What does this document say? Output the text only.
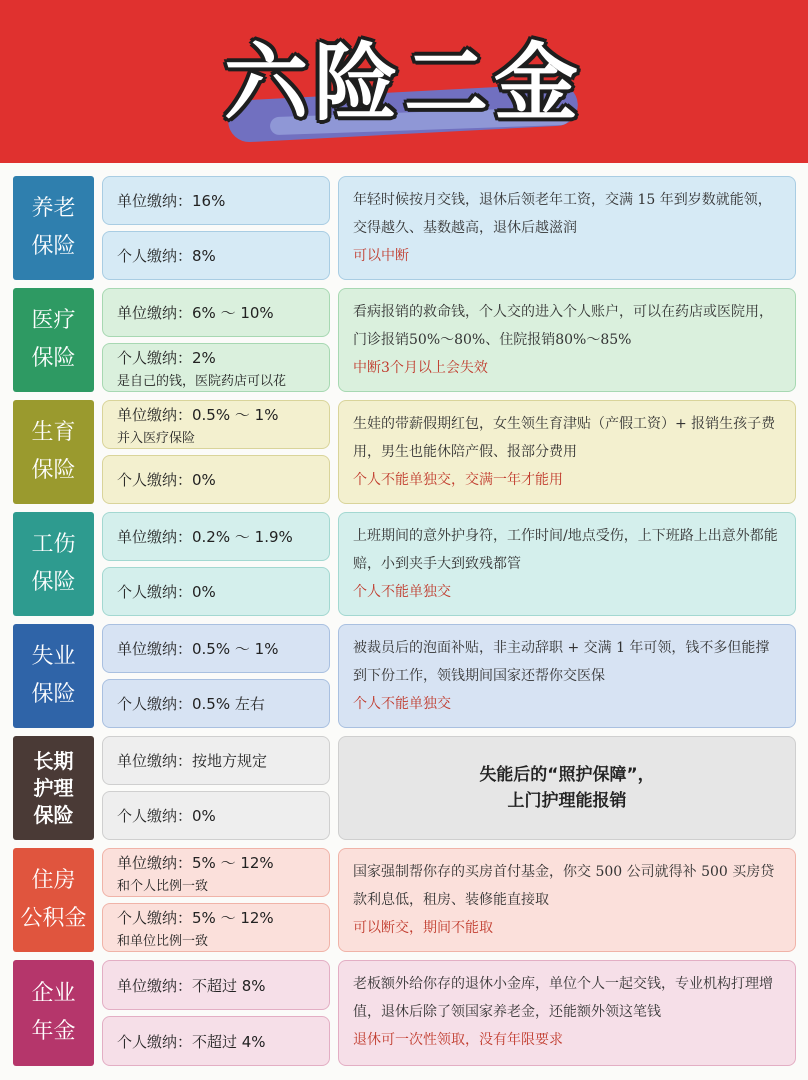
六险二金
养老
保险
单位缴纳：16%
个人缴纳：8%
年轻时候按月交钱，退休后领老年工资，交满 15 年到岁数就能领，交得越久、基数越高，退休后越滋润
可以中断
医疗
保险
单位缴纳：6% ～ 10%
个人缴纳：2%
是自己的钱，医院药店可以花
看病报销的救命钱，个人交的进入个人账户，可以在药店或医院用，门诊报销50%～80%、住院报销80%～85%
中断3个月以上会失效
生育
保险
单位缴纳：0.5% ～ 1%
并入医疗保险
个人缴纳：0%
生娃的带薪假期红包，女生领生育津贴（产假工资）+ 报销生孩子费用，男生也能休陪产假、报部分费用
个人不能单独交，交满一年才能用
工伤
保险
单位缴纳：0.2% ～ 1.9%
个人缴纳：0%
上班期间的意外护身符，工作时间/地点受伤，上下班路上出意外都能赔，小到夹手大到致残都管
个人不能单独交
失业
保险
单位缴纳：0.5% ～ 1%
个人缴纳：0.5% 左右
被裁员后的泡面补贴，非主动辞职 + 交满 1 年可领，钱不多但能撑到下份工作，领钱期间国家还帮你交医保
个人不能单独交
长期
护理
保险
单位缴纳：按地方规定
个人缴纳：0%
失能后的“照护保障”，
上门护理能报销
住房
公积金
单位缴纳：5% ～ 12%
和个人比例一致
个人缴纳：5% ～ 12%
和单位比例一致
国家强制帮你存的买房首付基金，你交 500 公司就得补 500 买房贷款利息低，租房、装修能直接取
可以断交，期间不能取
企业
年金
单位缴纳：不超过 8%
个人缴纳：不超过 4%
老板额外给你存的退休小金库，单位个人一起交钱，专业机构打理增值，退休后除了领国家养老金，还能额外领这笔钱
退休可一次性领取，没有年限要求
